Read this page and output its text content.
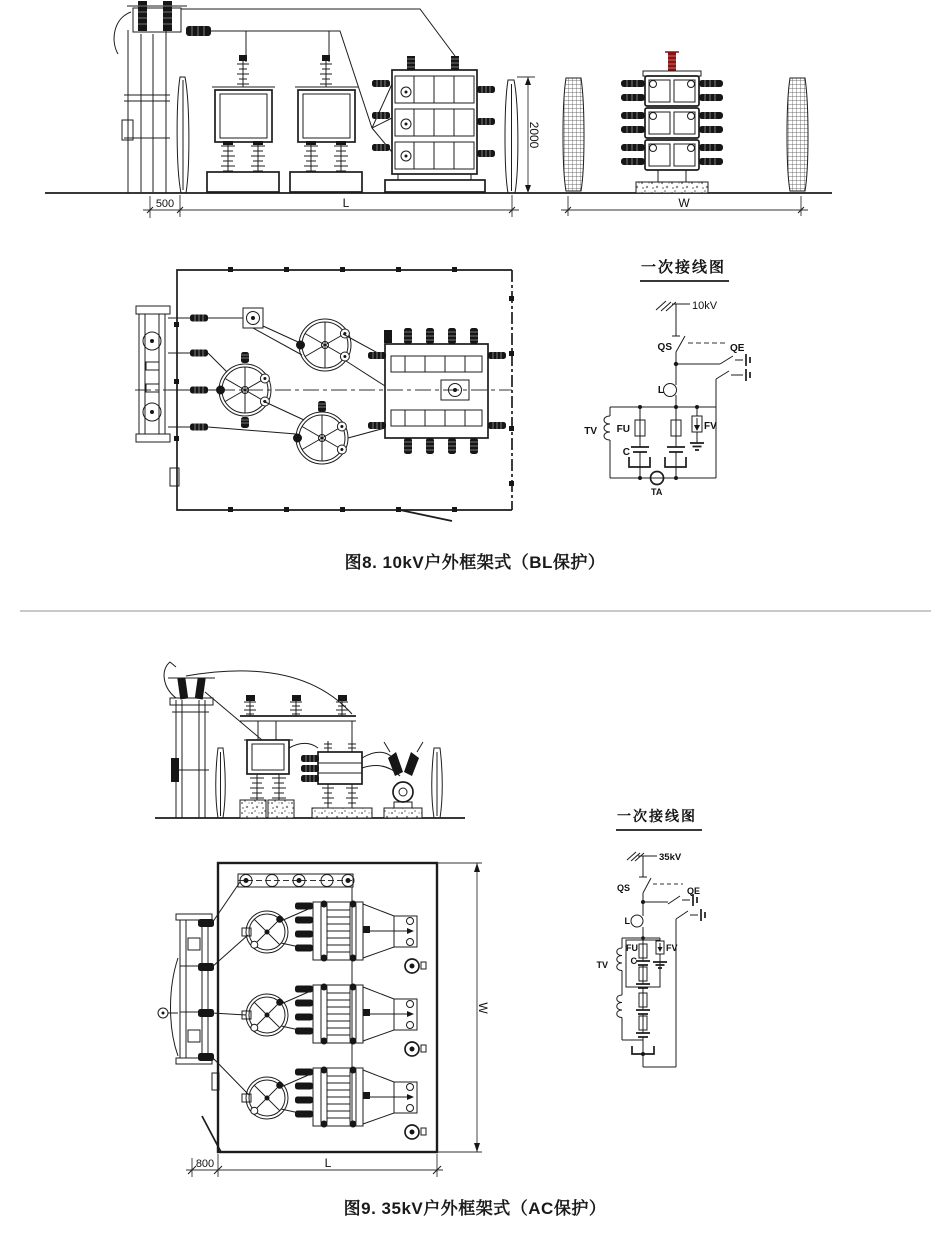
2000
500	L	W
一次接线图
10kV
QS	QE
L
TV FU
C
FV
TA
W
800	L
一次接线图
35kV
QS	QE
L
TV
FV
FU
C
图8. 10kV户外框架式（BL保护）
图9. 35kV户外框架式（AC保护）
